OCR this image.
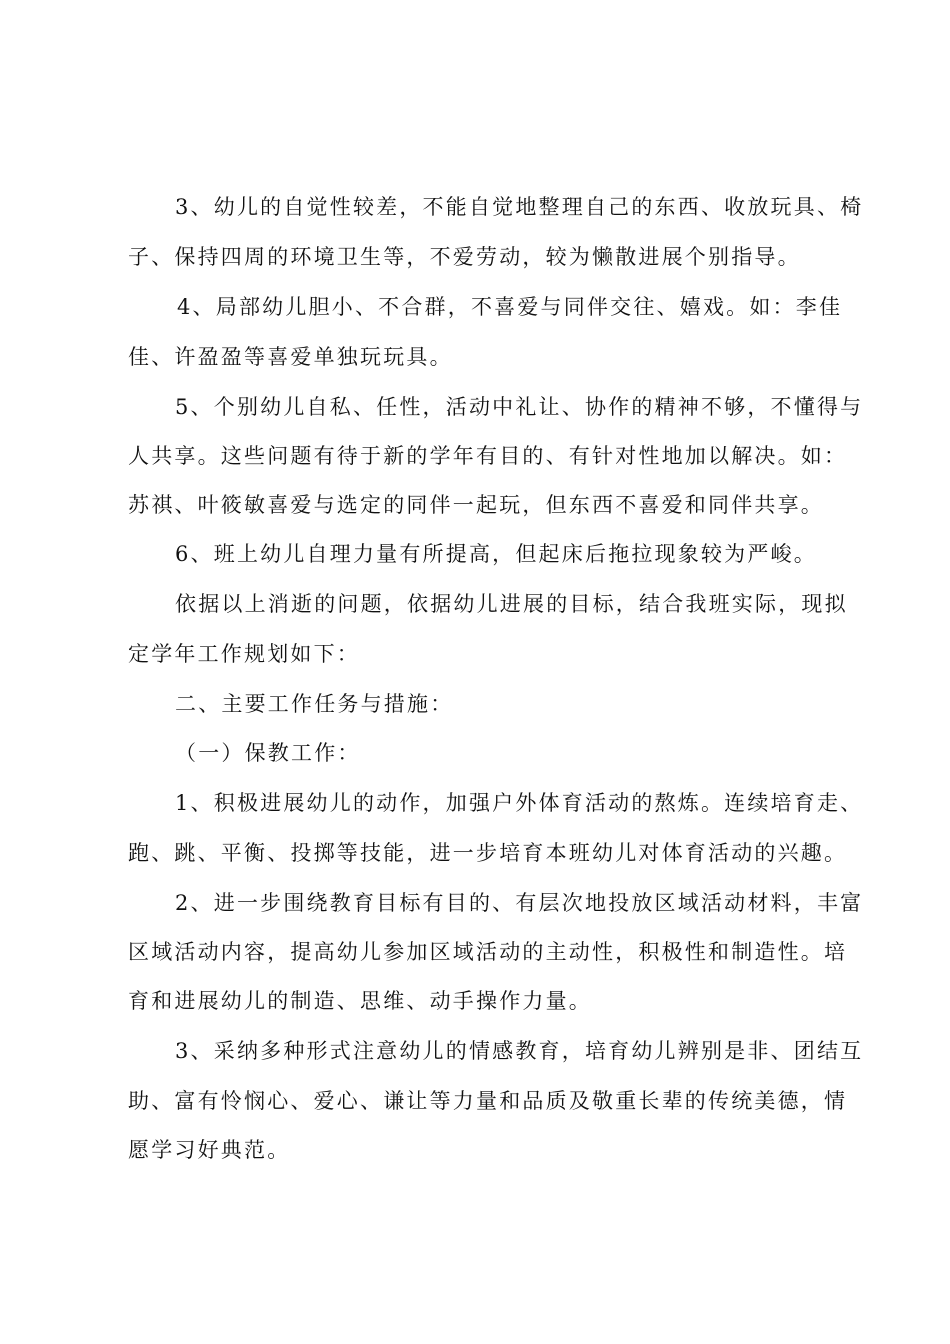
3、幼儿的自觉性较差，不能自觉地整理自己的东西、收放玩具、椅
子、保持四周的环境卫生等，不爱劳动，较为懒散进展个别指导。
4、局部幼儿胆小、不合群，不喜爱与同伴交往、嬉戏。如：李佳
佳、许盈盈等喜爱单独玩玩具。
5、个别幼儿自私、任性，活动中礼让、协作的精神不够，不懂得与
人共享。这些问题有待于新的学年有目的、有针对性地加以解决。如：
苏祺、叶筱敏喜爱与选定的同伴一起玩，但东西不喜爱和同伴共享。
6、班上幼儿自理力量有所提高，但起床后拖拉现象较为严峻。
依据以上消逝的问题，依据幼儿进展的目标，结合我班实际，现拟
定学年工作规划如下：
二、主要工作任务与措施：
（一）保教工作：
1、积极进展幼儿的动作，加强户外体育活动的熬炼。连续培育走、
跑、跳、平衡、投掷等技能，进一步培育本班幼儿对体育活动的兴趣。
2、进一步围绕教育目标有目的、有层次地投放区域活动材料，丰富
区域活动内容，提高幼儿参加区域活动的主动性，积极性和制造性。培
育和进展幼儿的制造、思维、动手操作力量。
3、采纳多种形式注意幼儿的情感教育，培育幼儿辨别是非、团结互
助、富有怜悯心、爱心、谦让等力量和品质及敬重长辈的传统美德，情
愿学习好典范。
